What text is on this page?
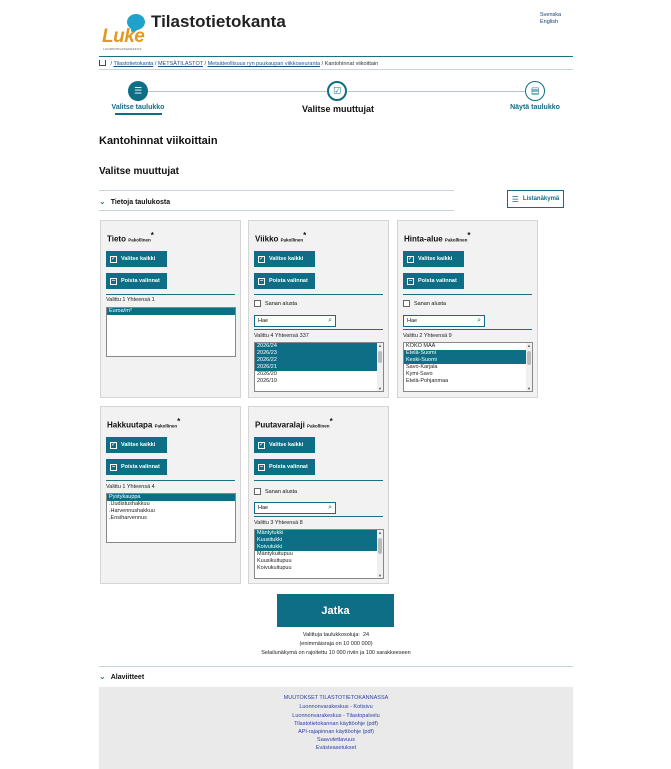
Luke
LUONNONVARAKESKUS
Tilastotietokanta	Svenska
English
/ Tilastotietokanta / METSÄTILASTOT / Metsäteollisuus ryn puukaupan viikkoseuranta / Kantohinnat viikoittain
☰	☑	▤
Valitse taulukko	Valitse muuttujat	Näytä taulukko
Kantohinnat viikoittain
Valitse muuttujat
⌄ Tietoja taulukosta	☰ Listanäkymä
Tieto Pakollinen*
✓ Valitse kaikki
–	Poista valinnat
Valittu 1 Yhteensä 1
Euroa/m³
Viikko Pakollinen*
✓ Valitse kaikki
–	Poista valinnat
Sanan alusta
Hae	⌕
Valittu 4 Yhteensä 337
2026/24
2026/23
2026/22
2026/21
2026/20
2026/19
▲
▼
Hinta-alue Pakollinen*
✓ Valitse kaikki
–	Poista valinnat
Sanan alusta
Hae	⌕
Valittu 2 Yhteensä 9
KOKO MAA
Etelä-Suomi
Keski-Suomi
Savo-Karjala
Kymi-Savo
Etelä-Pohjanmaa
▲
▼
Hakkuutapa Pakollinen*
✓ Valitse kaikki
–	Poista valinnat
Valittu 1 Yhteensä 4
Pystykauppa
.Uudistushakkuu
.Harvennushakkuu
.Ensiharvennus
Puutavaralaji Pakollinen*
✓ Valitse kaikki
–	Poista valinnat
Sanan alusta
Hae	⌕
Valittu 3 Yhteensä 8
Mäntytukki
Kuusitukki
Koivutukki
Mäntykuitupuu
Kuusikuitupuu
Koivukuitupuu
▲
▼
Jatka
Valittuja taulukkosoluja: 24
(enimmäisraja on 10 000 000)
Selailunäkymä on rajoitettu 10 000 riviin ja 100 sarakkeeseen
⌄ Alaviitteet
MUUTOKSET TILASTOTIETOKANNASSA
Luonnonvarakeskus - Kotisivu
Luonnonvarakeskus - Tilastopalvelu
Tilastotietokannan käyttöohje (pdf)
API-rajapinnan käyttöohje (pdf)
Saavutettavuus
Evästeasetukset
